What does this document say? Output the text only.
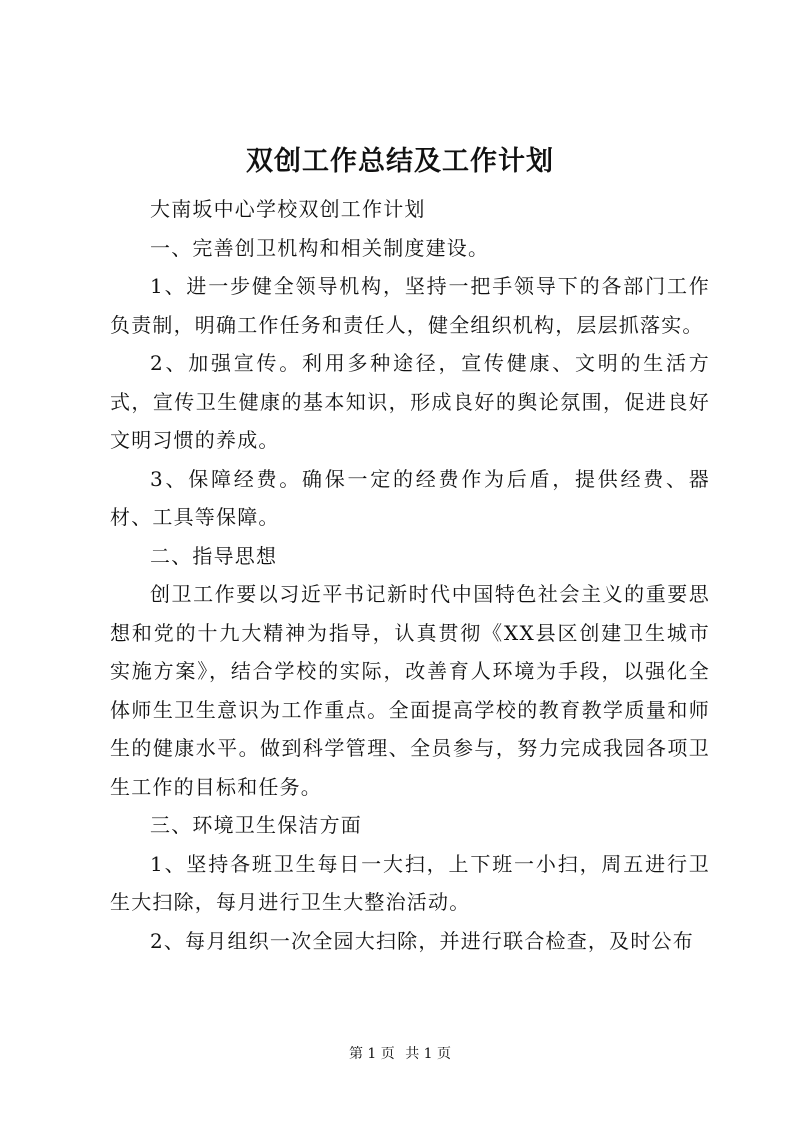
双创工作总结及工作计划

大南坂中心学校双创工作计划

一、完善创卫机构和相关制度建设。

1、进一步健全领导机构，坚持一把手领导下的各部门工作负责制，明确工作任务和责任人，健全组织机构，层层抓落实。

2、加强宣传。利用多种途径，宣传健康、文明的生活方式，宣传卫生健康的基本知识，形成良好的舆论氛围，促进良好文明习惯的养成。

3、保障经费。确保一定的经费作为后盾，提供经费、器材、工具等保障。

二、指导思想

创卫工作要以习近平书记新时代中国特色社会主义的重要思想和党的十九大精神为指导，认真贯彻《XX县区创建卫生城市实施方案》，结合学校的实际，改善育人环境为手段，以强化全体师生卫生意识为工作重点。全面提高学校的教育教学质量和师生的健康水平。做到科学管理、全员参与，努力完成我园各项卫生工作的目标和任务。

三、环境卫生保洁方面

1、坚持各班卫生每日一大扫，上下班一小扫，周五进行卫生大扫除，每月进行卫生大整治活动。

2、每月组织一次全园大扫除，并进行联合检查，及时公布

第 1 页 共 1 页
